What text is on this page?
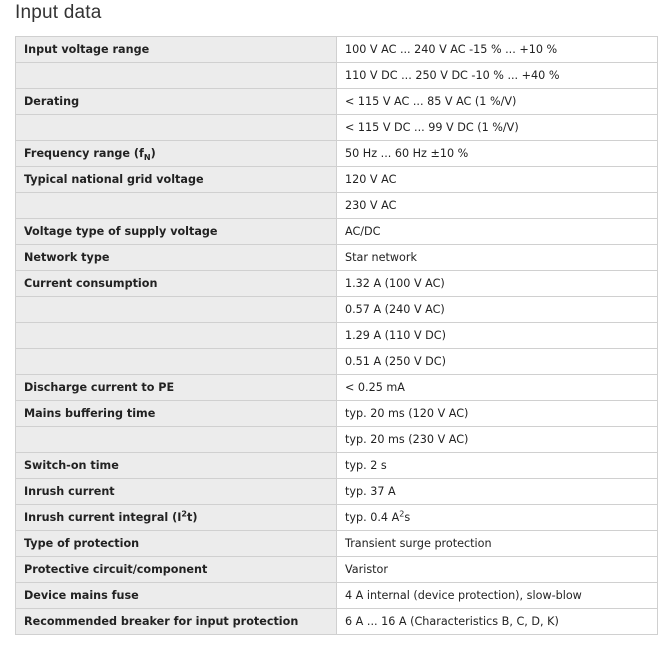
Input data
Input voltage range	100 V AC ... 240 V AC -15 % ... +10 %
	110 V DC ... 250 V DC -10 % ... +40 %
Derating	< 115 V AC ... 85 V AC (1 %/V)
	< 115 V DC ... 99 V DC (1 %/V)
Frequency range $(f_N)$	50 Hz ... 60 Hz ±10 %
Typical national grid voltage	120 V AC
	230 V AC
Voltage type of supply voltage	AC/DC
Network type	Star network
Current consumption	1.32 A (100 V AC)
	0.57 A (240 V AC)
	1.29 A (110 V DC)
	0.51 A (250 V DC)
Discharge current to PE	< 0.25 mA
Mains buffering time	typ. 20 ms (120 V AC)
	typ. 20 ms (230 V AC)
Switch-on time	typ. 2 s
Inrush current	typ. 37 A
Inrush current integral $(I^2t)$	typ. 0.4 $A^2s$
Type of protection	Transient surge protection
Protective circuit/component	Varistor
Device mains fuse	4 A internal (device protection), slow-blow
Recommended breaker for input protection	6 A ... 16 A (Characteristics B, C, D, K)
